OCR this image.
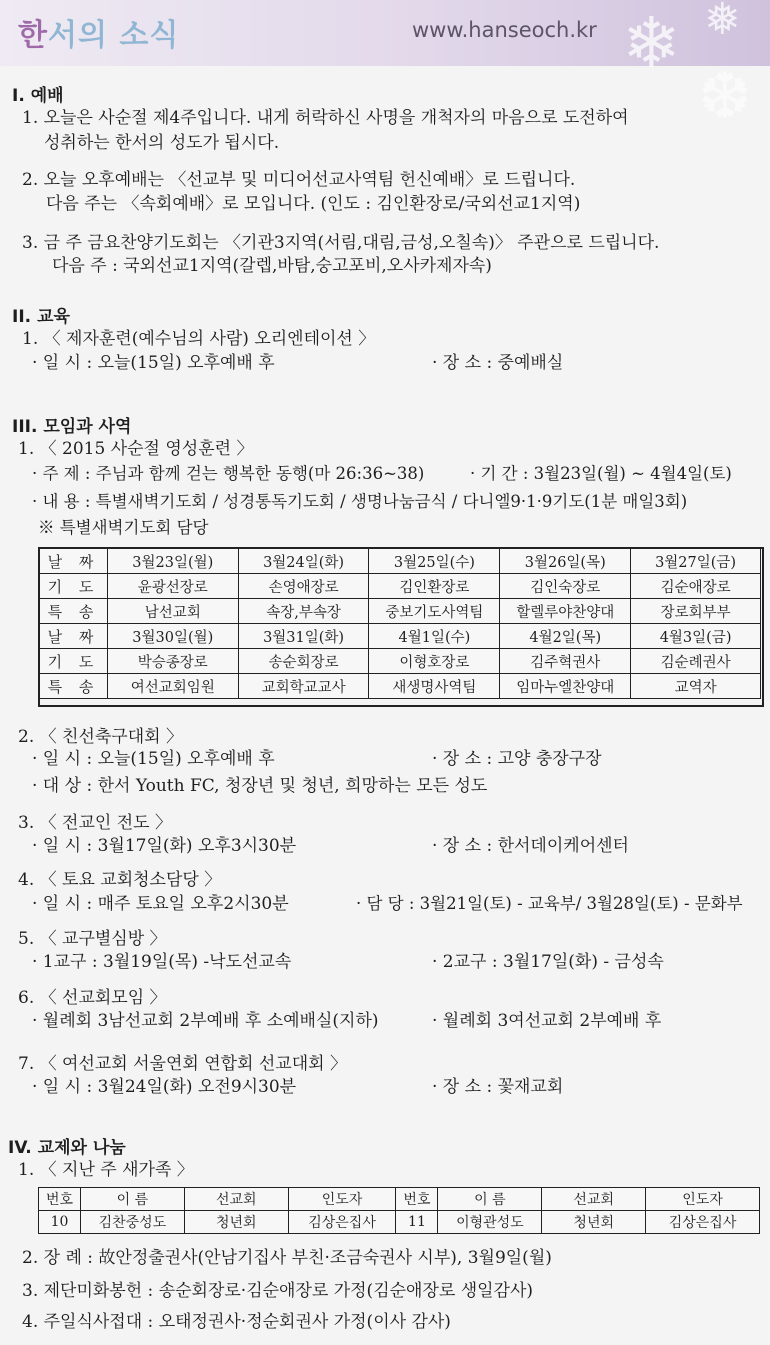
한서의 소식	www.hanseoch.kr ❄ ❅
❆
I. 예배
1. 오늘은 사순절 제4주입니다. 내게 허락하신 사명을 개척자의 마음으로 도전하여
성취하는 한서의 성도가 됩시다.
2. 오늘 오후예배는 〈선교부 및 미디어선교사역팀 헌신예배〉로 드립니다.
다음 주는 〈속회예배〉로 모입니다. (인도 : 김인환장로/국외선교1지역)
3. 금 주 금요찬양기도회는 〈기관3지역(서림,대림,금성,오칠속)〉 주관으로 드립니다.
다음 주 : 국외선교1지역(갈렙,바탐,숭고포비,오사카제자속)
II. 교육
1. 〈 제자훈련(예수님의 사람) 오리엔테이션 〉
· 일 시 : 오늘(15일) 오후예배 후	· 장 소 : 중예배실
III. 모임과 사역
1. 〈 2015 사순절 영성훈련 〉
· 주 제 : 주님과 함께 걷는 행복한 동행(마 26:36~38)	· 기 간 : 3월23일(월) ~ 4월4일(토)
· 내 용 : 특별새벽기도회 / 성경통독기도회 / 생명나눔금식 / 다니엘9·1·9기도(1분 매일3회)
※ 특별새벽기도회 담당
날 짜	3월23일(월)	3월24일(화)	3월25일(수)	3월26일(목)	3월27일(금)
기 도	윤광선장로	손영애장로	김인환장로	김인숙장로	김순애장로
특 송	남선교회	속장,부속장	중보기도사역팀	할렐루야찬양대	장로회부부
날 짜	3월30일(월)	3월31일(화)	4월1일(수)	4월2일(목)	4월3일(금)
기 도	박승종장로	송순회장로	이형호장로	김주혁권사	김순례권사
특 송	여선교회임원	교회학교교사	새생명사역팀	임마누엘찬양대	교역자
2. 〈 친선축구대회 〉
· 일 시 : 오늘(15일) 오후예배 후	· 장 소 : 고양 충장구장
· 대 상 : 한서 Youth FC, 청장년 및 청년, 희망하는 모든 성도
3. 〈 전교인 전도 〉
· 일 시 : 3월17일(화) 오후3시30분	· 장 소 : 한서데이케어센터
4. 〈 토요 교회청소담당 〉
· 일 시 : 매주 토요일 오후2시30분	· 담 당 : 3월21일(토) - 교육부/ 3월28일(토) - 문화부
5. 〈 교구별심방 〉
· 1교구 : 3월19일(목) -낙도선교속	· 2교구 : 3월17일(화) - 금성속
6. 〈 선교회모임 〉
· 월례회 3남선교회 2부예배 후 소예배실(지하)	· 월례회 3여선교회 2부예배 후
7. 〈 여선교회 서울연회 연합회 선교대회 〉
· 일 시 : 3월24일(화) 오전9시30분	· 장 소 : 꽃재교회
IV. 교제와 나눔
1. 〈 지난 주 새가족 〉
번호	이 름	선교회	인도자	번호	이 름	선교회	인도자
10	김찬중성도	청년회	김상은집사	11	이형관성도	청년회	김상은집사
2. 장 례 : 故안정출권사(안남기집사 부친·조금숙권사 시부), 3월9일(월)
3. 제단미화봉헌 : 송순회장로·김순애장로 가정(김순애장로 생일감사)
4. 주일식사접대 : 오태정권사·정순회권사 가정(이사 감사)
